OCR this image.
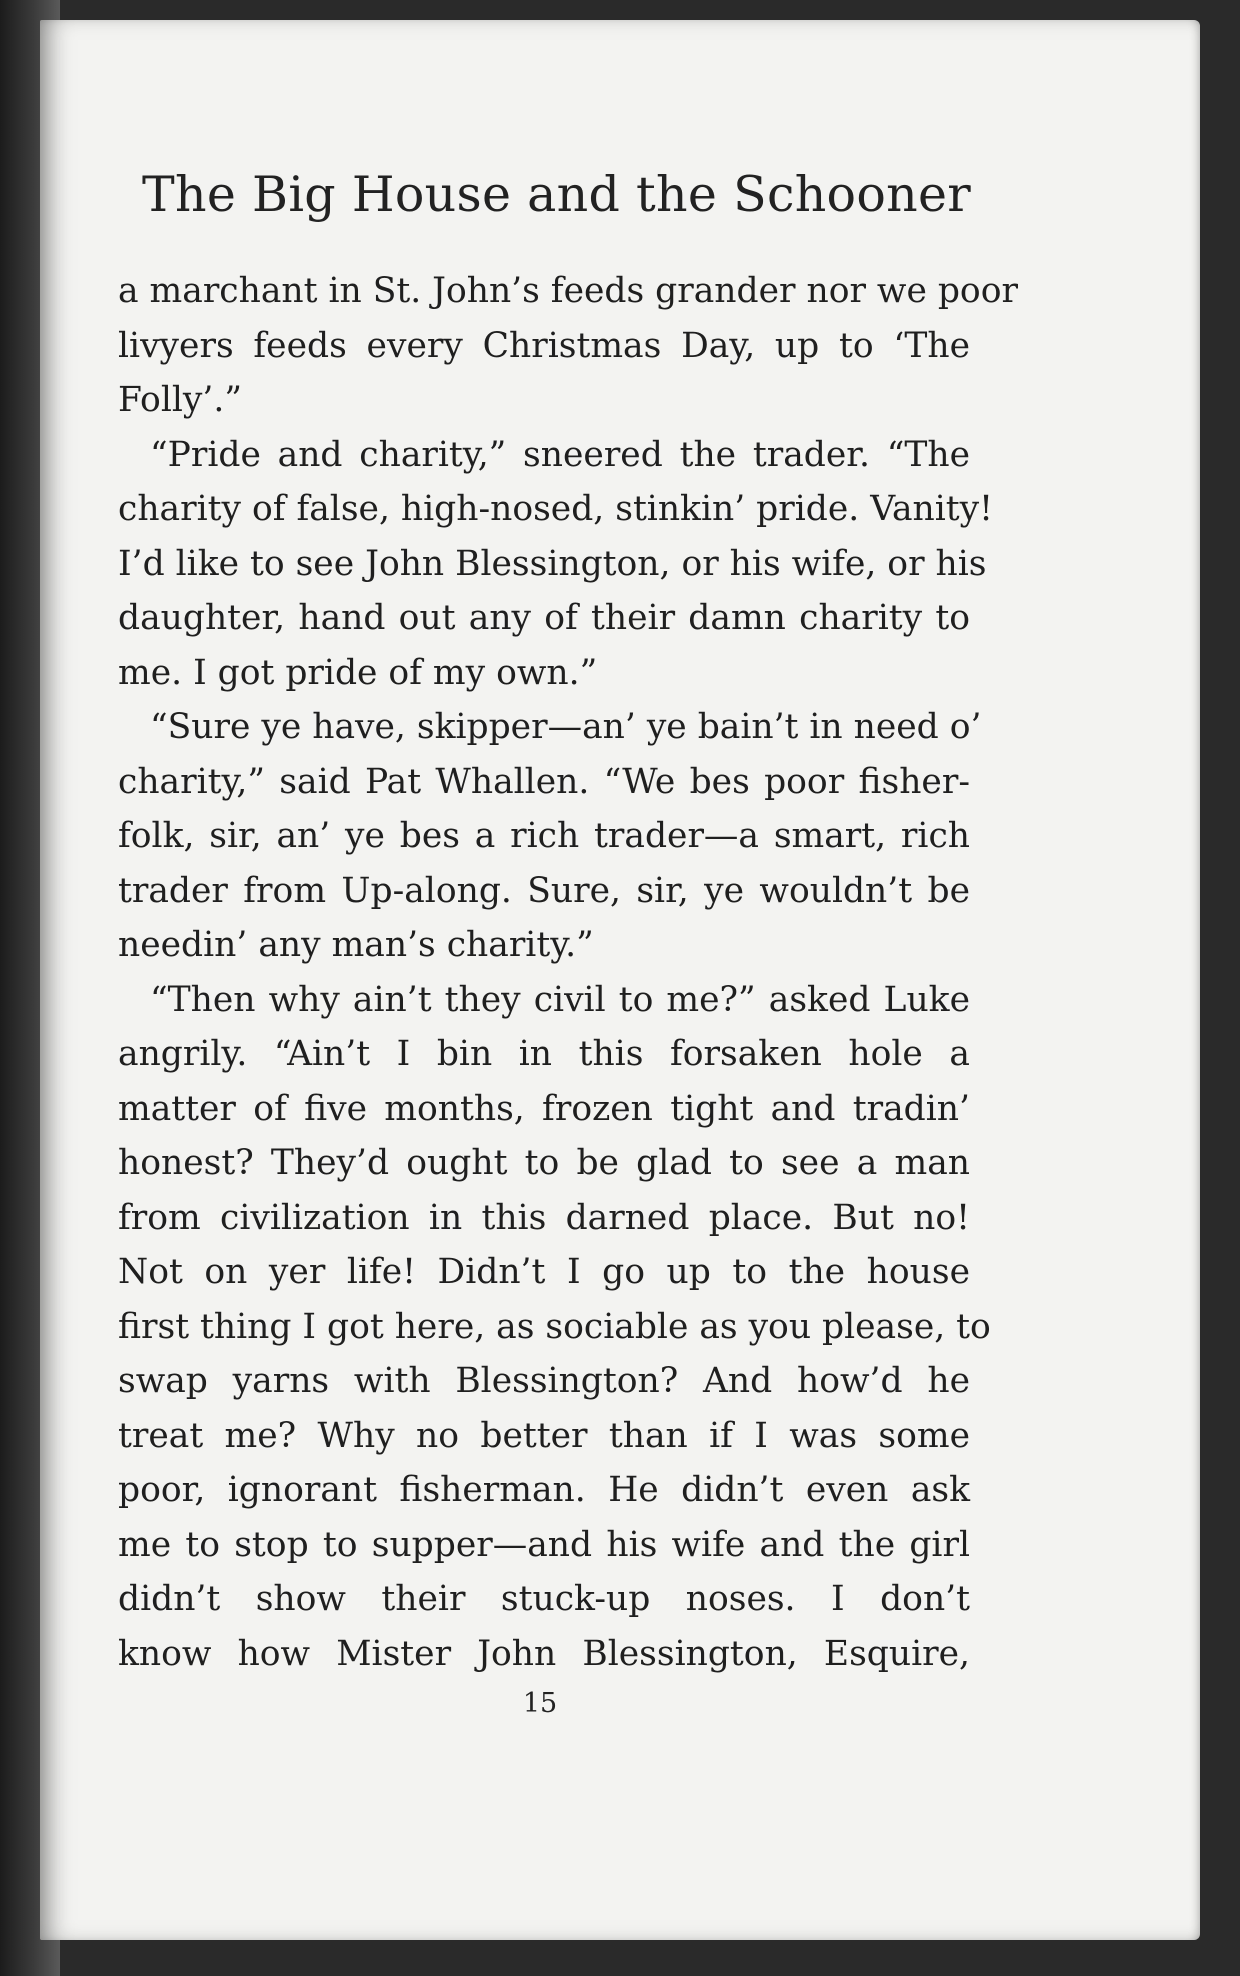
The Big House and the Schooner
a marchant in St. John’s feeds grander nor we poor
livyers feeds every Christmas Day, up to ‘The
Folly’.”
“Pride and charity,” sneered the trader. “The
charity of false, high-nosed, stinkin’ pride. Vanity!
I’d like to see John Blessington, or his wife, or his
daughter, hand out any of their damn charity to
me. I got pride of my own.”
“Sure ye have, skipper—an’ ye bain’t in need o’
charity,” said Pat Whallen. “We bes poor fisher-
folk, sir, an’ ye bes a rich trader—a smart, rich
trader from Up-along. Sure, sir, ye wouldn’t be
needin’ any man’s charity.”
“Then why ain’t they civil to me?” asked Luke
angrily. “Ain’t I bin in this forsaken hole a
matter of five months, frozen tight and tradin’
honest? They’d ought to be glad to see a man
from civilization in this darned place. But no!
Not on yer life! Didn’t I go up to the house
first thing I got here, as sociable as you please, to
swap yarns with Blessington? And how’d he
treat me? Why no better than if I was some
poor, ignorant fisherman. He didn’t even ask
me to stop to supper—and his wife and the girl
didn’t show their stuck-up noses. I don’t
know how Mister John Blessington, Esquire,
15
